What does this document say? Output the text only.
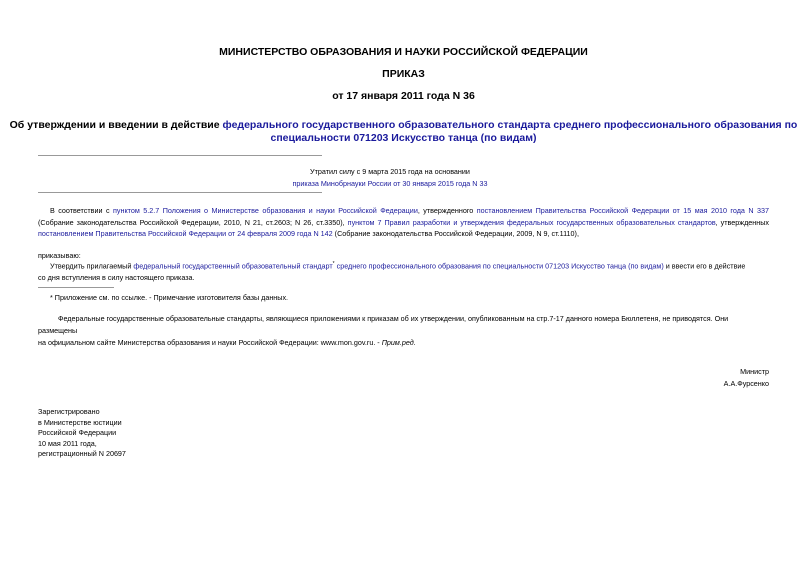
МИНИСТЕРСТВО ОБРАЗОВАНИЯ И НАУКИ РОССИЙСКОЙ ФЕДЕРАЦИИ
ПРИКАЗ
от 17 января 2011 года N 36
Об утверждении и введении в действие федерального государственного образовательного стандарта среднего профессионального образования по
специальности 071203 Искусство танца (по видам)
Утратил силу с 9 марта 2015 года на основании
приказа Минобрнауки России от 30 января 2015 года N 33
В соответствии с пунктом 5.2.7 Положения о Министерстве образования и науки Российской Федерации, утвержденного постановлением Правительства Российской Федерации от 15 мая 2010 года N 337 (Собрание законодательства Российской Федерации, 2010, N 21, ст.2603; N 26, ст.3350), пунктом 7 Правил разработки и утверждения федеральных государственных образовательных стандартов, утвержденных постановлением Правительства Российской Федерации от 24 февраля 2009 года N 142 (Собрание законодательства Российской Федерации, 2009, N 9, ст.1110),
приказываю:
Утвердить прилагаемый федеральный государственный образовательный стандарт* среднего профессионального образования по специальности 071203 Искусство танца (по видам) и ввести его в действие
со дня вступления в силу настоящего приказа.
* Приложение см. по ссылке. - Примечание изготовителя базы данных.
Федеральные государственные образовательные стандарты, являющиеся приложениями к приказам об их утверждении, опубликованным на стр.7-17 данного номера Бюллетеня, не приводятся. Они размещены
на официальном сайте Министерства образования и науки Российской Федерации: www.mon.gov.ru. - Прим.ред.
Министр
А.А.Фурсенко
Зарегистрировано
в Министерстве юстиции
Российской Федерации
10 мая 2011 года,
регистрационный N 20697
